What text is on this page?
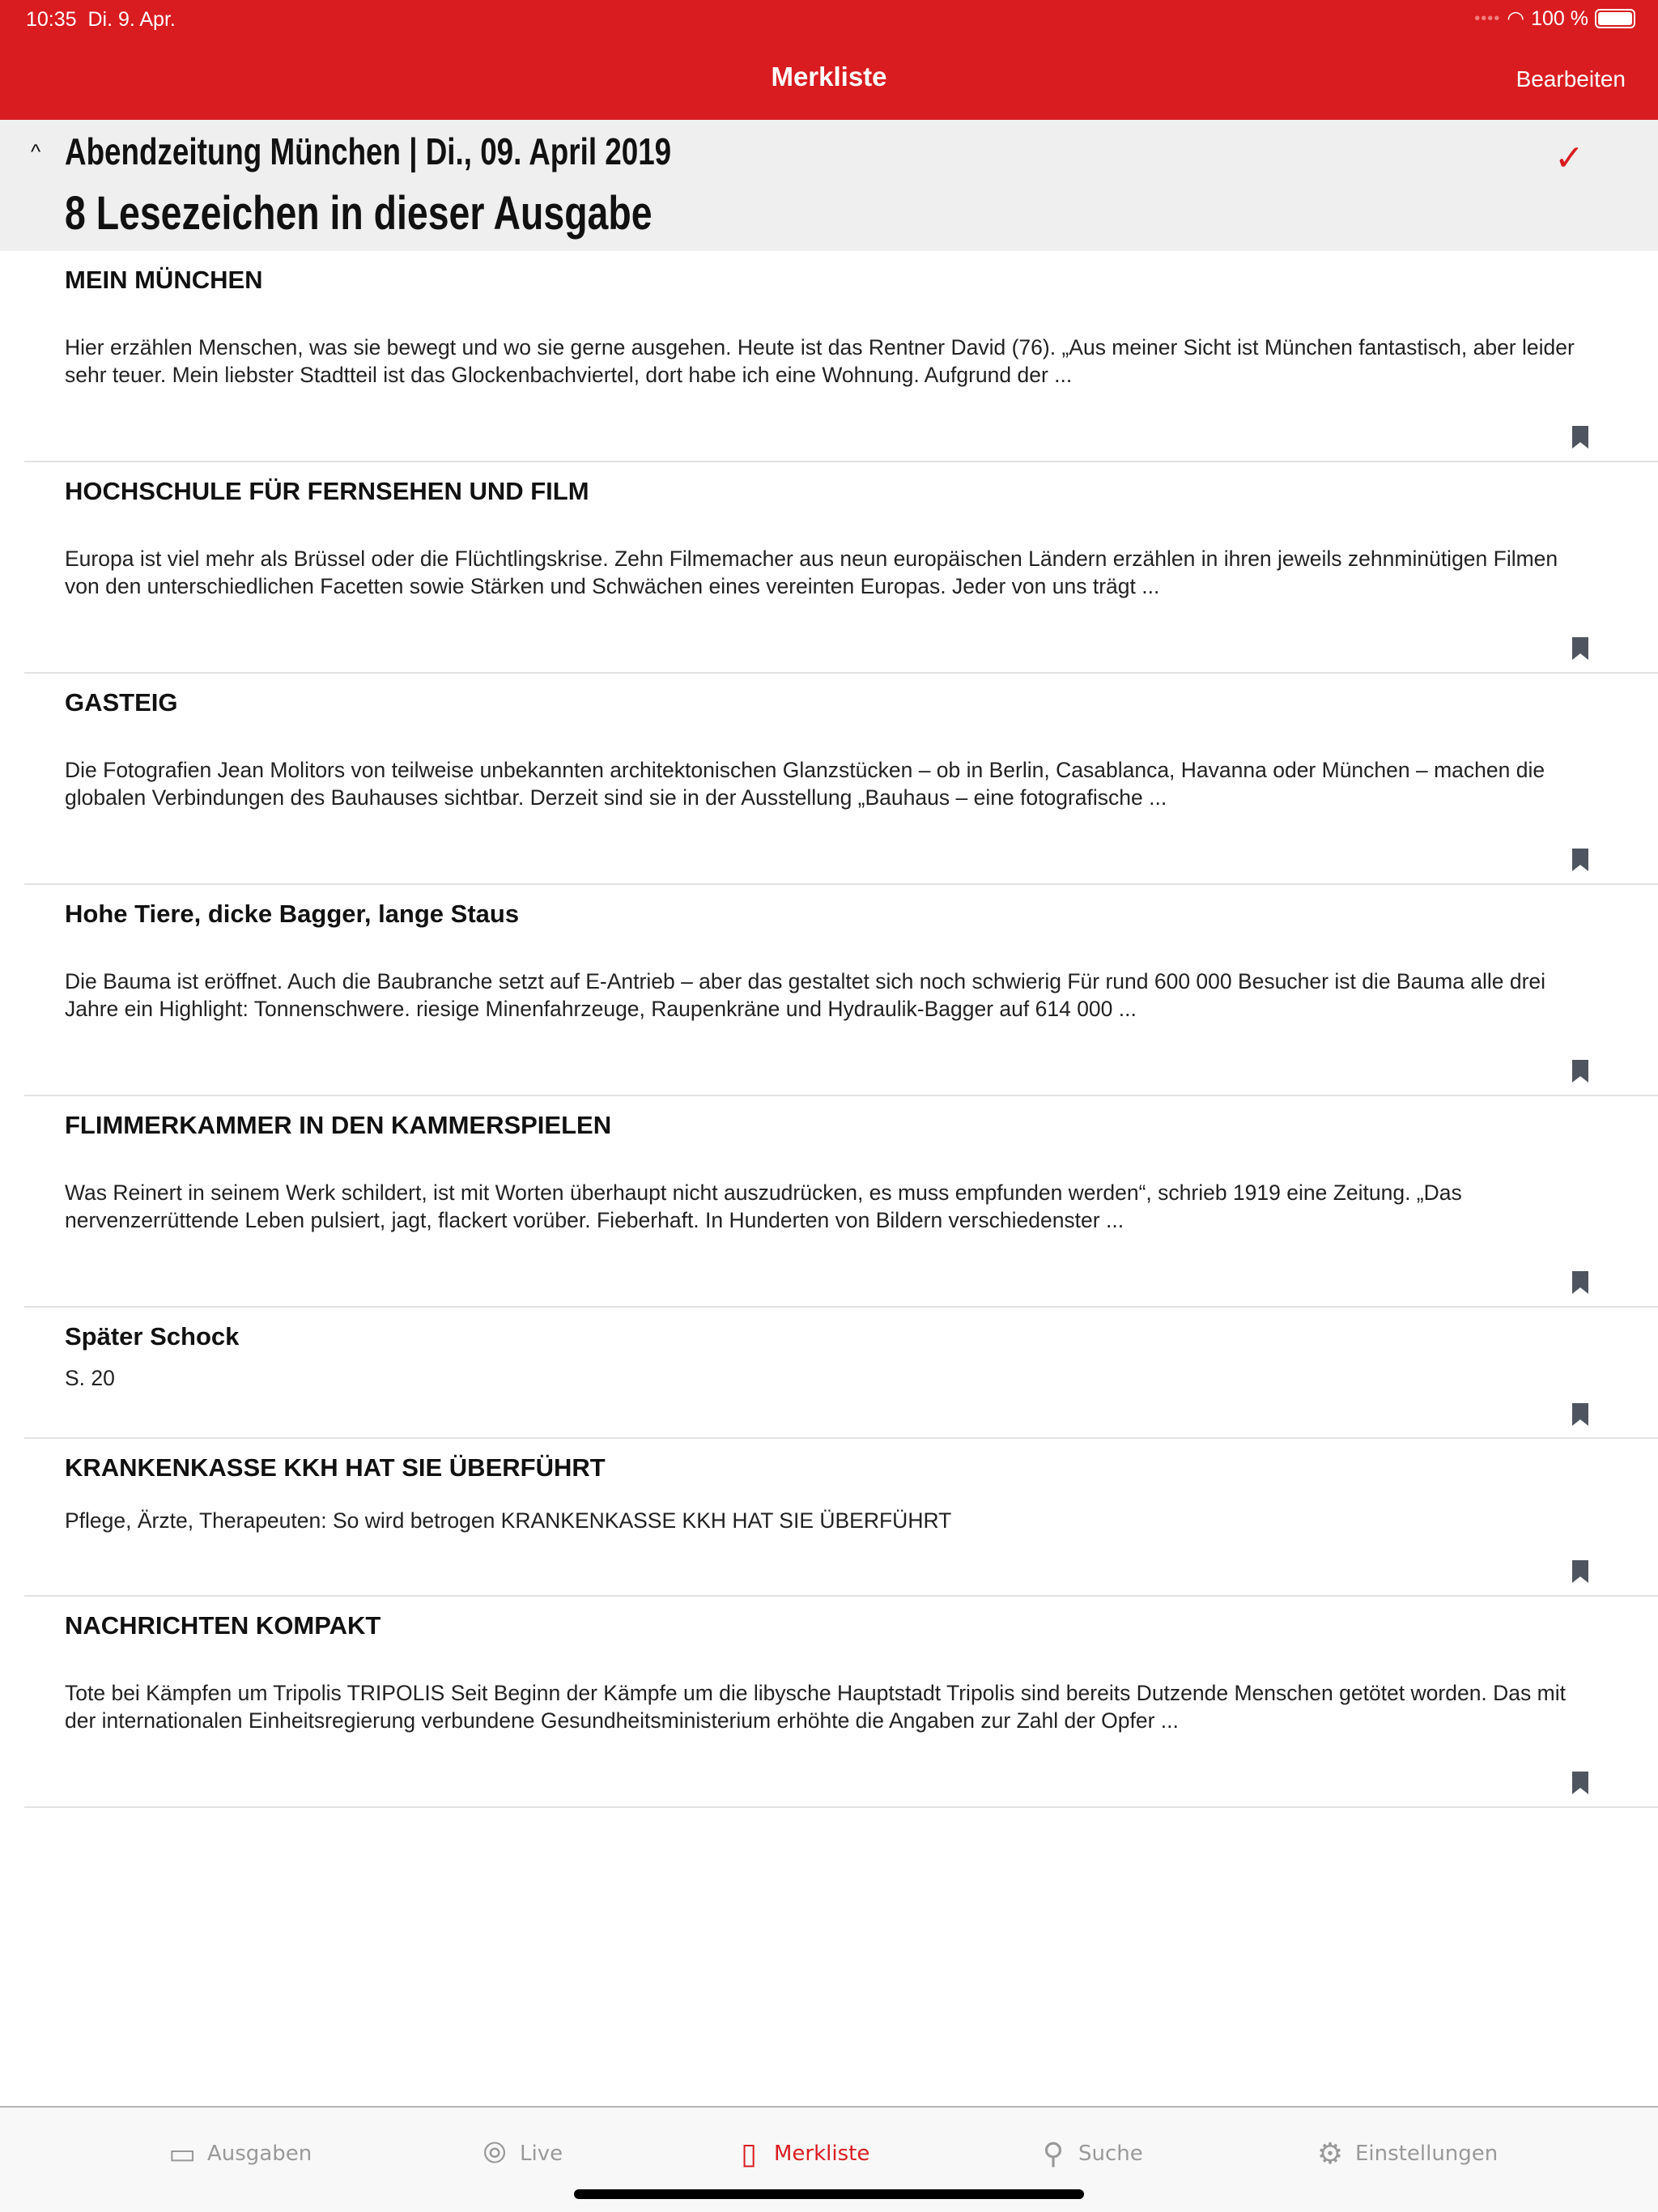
10:35 Di. 9. Apr.	•••• ◠ 100 %
Merkliste	Bearbeiten
^ Abendzeitung München | Di., 09. April 2019
8 Lesezeichen in dieser Ausgabe
✓
MEIN MÜNCHEN
Hier erzählen Menschen, was sie bewegt und wo sie gerne ausgehen. Heute ist das Rentner David (76). „Aus meiner Sicht ist München fantastisch, aber leider sehr teuer. Mein liebster Stadtteil ist das Glockenbachviertel, dort habe ich eine Wohnung. Aufgrund der ...
HOCHSCHULE FÜR FERNSEHEN UND FILM
Europa ist viel mehr als Brüssel oder die Flüchtlingskrise. Zehn Filmemacher aus neun europäischen Ländern erzählen in ihren jeweils zehnminütigen Filmen von den unterschiedlichen Facetten sowie Stärken und Schwächen eines vereinten Europas. Jeder von uns trägt ...
GASTEIG
Die Fotografien Jean Molitors von teilweise unbekannten architektonischen Glanzstücken – ob in Berlin, Casablanca, Havanna oder München – machen die globalen Verbindungen des Bauhauses sichtbar. Derzeit sind sie in der Ausstellung „Bauhaus – eine fotografische ...
Hohe Tiere, dicke Bagger, lange Staus
Die Bauma ist eröffnet. Auch die Baubranche setzt auf E-Antrieb – aber das gestaltet sich noch schwierig Für rund 600 000 Besucher ist die Bauma alle drei Jahre ein Highlight: Tonnenschwere. riesige Minenfahrzeuge, Raupenkräne und Hydraulik-Bagger auf 614 000 ...
FLIMMERKAMMER IN DEN KAMMERSPIELEN
Was Reinert in seinem Werk schildert, ist mit Worten überhaupt nicht auszudrücken, es muss empfunden werden“, schrieb 1919 eine Zeitung. „Das nervenzerrüttende Leben pulsiert, jagt, flackert vorüber. Fieberhaft. In Hunderten von Bildern verschiedenster ...
Später Schock
S. 20
KRANKENKASSE KKH HAT SIE ÜBERFÜHRT
Pflege, Ärzte, Therapeuten: So wird betrogen KRANKENKASSE KKH HAT SIE ÜBERFÜHRT
NACHRICHTEN KOMPAKT
Tote bei Kämpfen um Tripolis TRIPOLIS Seit Beginn der Kämpfe um die libysche Hauptstadt Tripolis sind bereits Dutzende Menschen getötet worden. Das mit der internationalen Einheitsregierung verbundene Gesundheitsministerium erhöhte die Angaben zur Zahl der Opfer ...
▭ Ausgaben	⦾ Live	▯ Merkliste	⚲ Suche	⚙ Einstellungen
